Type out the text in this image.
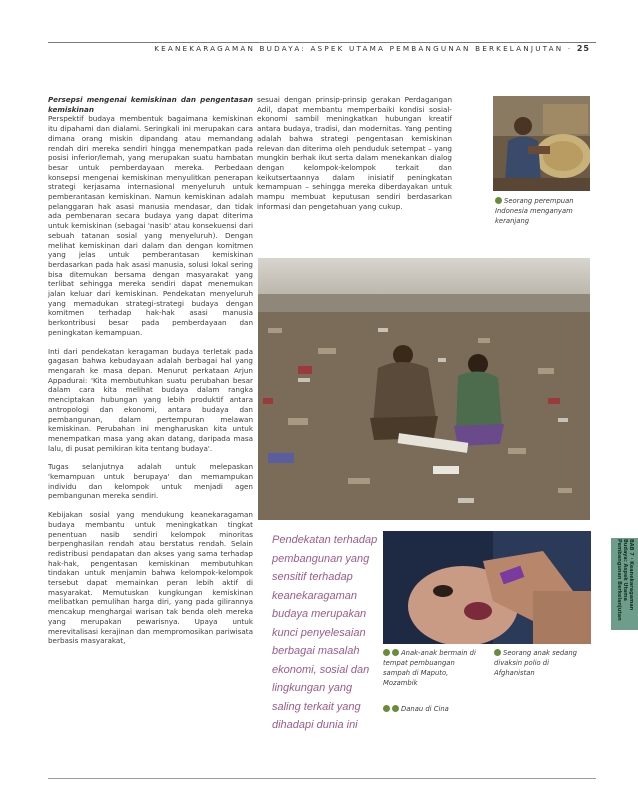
KEANEKARAGAMAN BUDAYA: ASPEK UTAMA PEMBANGUNAN BERKELANJUTAN · 25

Persepsi mengenai kemiskinan dan pengentasan kemiskinan
Perspektif budaya membentuk bagaimana kemiskinan itu dipahami dan dialami. Seringkali ini merupakan cara dimana orang miskin dipandang atau memandang rendah diri mereka sendiri hingga menempatkan pada posisi inferior/lemah, yang merupakan suatu hambatan besar untuk pemberdayaan mereka. Perbedaan konsepsi mengenai kemiskinan menyulitkan penerapan strategi kerjasama internasional menyeluruh untuk pemberantasan kemiskinan. Namun kemiskinan adalah pelanggaran hak asasi manusia mendasar, dan tidak ada pembenaran secara budaya yang dapat diterima untuk kemiskinan (sebagai 'nasib' atau konsekuensi dari sebuah tatanan sosial yang menyeluruh). Dengan melihat kemiskinan dari dalam dan dengan komitmen yang jelas untuk pemberantasan kemiskinan berdasarkan pada hak asasi manusia, solusi lokal sering bisa ditemukan bersama dengan masyarakat yang terlibat sehingga mereka sendiri dapat menemukan jalan keluar dari kemiskinan. Pendekatan menyeluruh yang memadukan strategi-strategi budaya dengan komitmen terhadap hak-hak asasi manusia berkontribusi besar pada pemberdayaan dan peningkatan kemampuan.

Inti dari pendekatan keragaman budaya terletak pada gagasan bahwa kebudayaan adalah berbagai hal yang mengarah ke masa depan. Menurut perkataan Arjun Appadurai: 'Kita membutuhkan suatu perubahan besar dalam cara kita melihat budaya dalam rangka menciptakan hubungan yang lebih produktif antara antropologi dan ekonomi, antara budaya dan pembangunan, dalam pertempuran melawan kemiskinan. Perubahan ini mengharuskan kita untuk menempatkan masa yang akan datang, daripada masa lalu, di pusat pemikiran kita tentang budaya'.

Tugas selanjutnya adalah untuk melepaskan 'kemampuan untuk berupaya' dan memampukan individu dan kelompok untuk menjadi agen pembangunan mereka sendiri.

Kebijakan sosial yang mendukung keanekaragaman budaya membantu untuk meningkatkan tingkat penentuan nasib sendiri kelompok minoritas berpenghasilan rendah atau berstatus rendah. Selain redistribusi pendapatan dan akses yang sama terhadap hak-hak, pengentasan kemiskinan membutuhkan tindakan untuk menjamin bahwa kelompok-kelompok tersebut dapat memainkan peran lebih aktif di masyarakat. Memutuskan kungkungan kemiskinan melibatkan pemulihan harga diri, yang pada gilirannya mencakup menghargai warisan tak benda oleh mereka yang merupakan pewarisnya. Upaya untuk merevitalisasi kerajinan dan mempromosikan pariwisata berbasis masyarakat,

sesuai dengan prinsip-prinsip gerakan Perdagangan Adil, dapat membantu memperbaiki kondisi sosial-ekonomi sambil meningkatkan hubungan kreatif antara budaya, tradisi, dan modernitas. Yang penting adalah bahwa strategi pengentasan kemiskinan relevan dan diterima oleh penduduk setempat – yang mungkin berhak ikut serta dalam menekankan dialog dengan kelompok-kelompok terkait dan keikutsertaannya dalam inisiatif peningkatan kemampuan – sehingga mereka diberdayakan untuk mampu membuat keputusan sendiri berdasarkan informasi dan pengetahuan yang cukup.

Seorang perempuan Indonesia menganyam keranjang
Pendekatan terhadap pembangunan yang sensitif terhadap keanekaragaman budaya merupakan kunci penyelesaian berbagai masalah ekonomi, sosial dan lingkungan yang saling terkait yang dihadapi dunia ini
Anak-anak bermain di tempat pembuangan sampah di Maputo, Mozambik
Danau di Cina
Seorang anak sedang divaksin polio di Afghanistan
BAB 7 · Keanekaragaman Budaya: Aspek Utama Pembangunan Berkelanjutan
